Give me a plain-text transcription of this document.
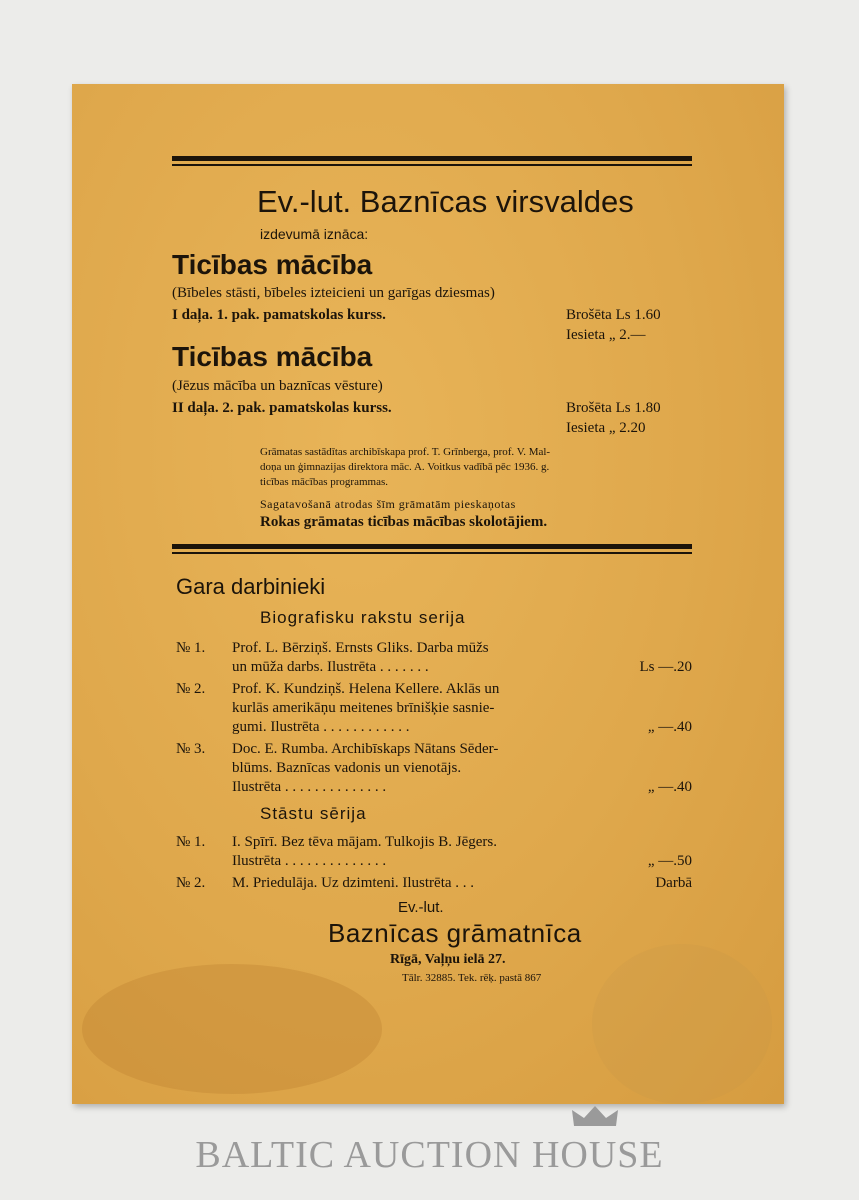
Ev.-lut. Baznīcas virsvaldes
izdevumā iznāca:
Ticības mācība
(Bībeles stāsti, bībeles izteicieni un garīgas dziesmas)
I daļa. 1. pak. pamatskolas kurss.	Brošēta Ls 1.60
Iesieta „ 2.—
Ticības mācība
(Jēzus mācība un baznīcas vēsture)
II daļa. 2. pak. pamatskolas kurss.	Brošēta Ls 1.80
Iesieta „ 2.20
Grāmatas sastādītas archibīskapa prof. T. Grīnberga, prof. V. Mal-
doņa un ģimnazijas direktora māc. A. Voitkus vadībā pēc 1936. g.
ticības mācības programmas.
Sagatavošanā atrodas šīm grāmatām pieskaņotas
Rokas grāmatas ticības mācības skolotājiem.
Gara darbinieki
Biografisku rakstu serija
№ 1. Prof. L. Bērziņš. Ernsts Gliks. Darba mūžs
un mūža darbs. Ilustrēta . . . . . . .	Ls —.20
№ 2. Prof. K. Kundziņš. Helena Kellere. Aklās un
kurlās amerikāņu meitenes brīnišķie sasnie-
gumi. Ilustrēta . . . . . . . . . . . .	„ —.40
№ 3. Doc. E. Rumba. Archibīskaps Nātans Sēder-
blūms. Baznīcas vadonis un vienotājs.
Ilustrēta . . . . . . . . . . . . . .	„ —.40
Stāstu sērija
№ 1. I. Spīrī. Bez tēva mājam. Tulkojis B. Jēgers.
Ilustrēta . . . . . . . . . . . . . .	„ —.50
№ 2. M. Priedulāja. Uz dzimteni. Ilustrēta . . .	Darbā
Ev.-lut.
Baznīcas grāmatnīca
Rīgā, Vaļņu ielā 27.
Tālr. 32885. Tek. rēķ. pastā 867
BALTIC AUCTION HOUSE
